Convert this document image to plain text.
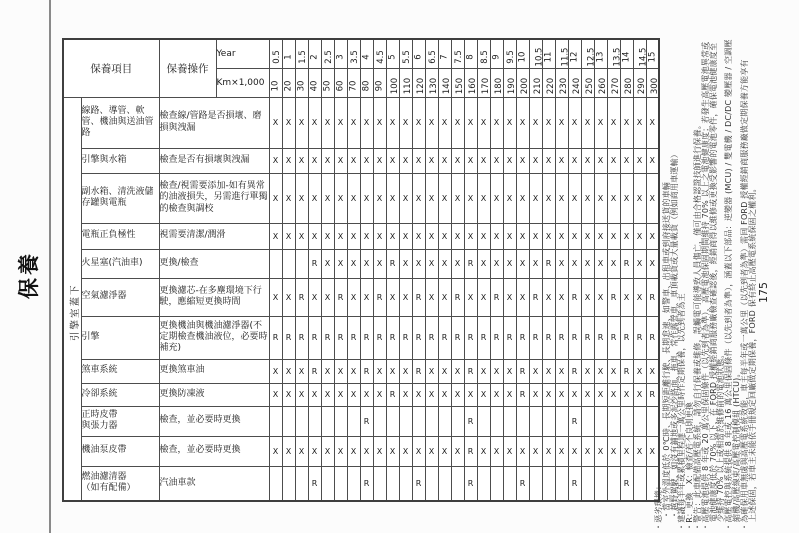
保養	175
保養項目		保養操作	Year	0.5	1	1.5	2	2.5	3	3.5	4	4.5	5	5.5	6	6.5	7	7.5	8	8.5	9	9.5	10	10.5	11	11.5	12	12.5	13	13.5	14	14.5	15
			Km×1,000	10	20	30	40	50	60	70	80	90	100	110	120	130	140	150	160	170	180	190	200	210	220	230	240	250	260	270	280	290	300

引擎室蓋下	線路、導管、軟管、機油與送油管路	檢查線/管路是否損壞、磨損與洩漏		X	X	X	X	X	X	X	X	X	X	X	X	X	X	X	X	X	X	X	X	X	X	X	X	X	X	X	X	X	X
	引擎與水箱	檢查是否有損壞與洩漏		X	X	X	X	X	X	X	X	X	X	X	X	X	X	X	X	X	X	X	X	X	X	X	X	X	X	X	X	X	X
	副水箱、清洗液儲存罐與電瓶	檢查/視需要添加-如有異常的油液損失，另需進行單獨的檢查與調校		X	X	X	X	X	X	X	X	X	X	X	X	X	X	X	X	X	X	X	X	X	X	X	X	X	X	X	X	X	X
	電瓶正負極性	視需要清潔/潤滑		X	X	X	X	X	X	X	X	X	X	X	X	X	X	X	X	X	X	X	X	X	X	X	X	X	X	X	X	X	X
	火星塞(汽油車)	更換/檢查					R	X	X	X	X	X	R	X	X	X	X	X	R	X	X	X	X	X	R	X	X	X	X	X	R	X	X
	空氣濾淨器	更換濾芯-在多塵環境下行駛，應縮短更換時間		X	X	R	X	X	R	X	X	R	X	X	R	X	X	R	X	X	R	X	X	R	X	X	R	X	X	R	X	X	R
	引擎	更換機油與機油濾淨器(不定期檢查機油液位，必要時補充)		R	R	R	R	R	R	R	R	R	R	R	R	R	R	R	R	R	R	R	R	R	R	R	R	R	R	R	R	R	R
	煞車系統	更換煞車油		X	X	X	R	X	X	X	R	X	X	X	R	X	X	X	R	X	X	X	R	X	X	X	R	X	X	X	R	X	X
	冷卻系統	更換防凍液		X	X	X	X	X	X	X	X	X	R	X	X	X	X	X	X	X	X	X	R	X	X	X	X	X	X	X	X	X	R
	正時皮帶
與張力器	檢查，並必要時更換									R								R								R						
	機油泵皮帶	檢查，並必要時更換		X	X	X	X	X	X	X	X	X	X	X	X	X	X	X	R	X	X	X	X	X	X	X	X	X	X	X	X	X	X
	燃油濾清器
（如有配備）	汽油車款					R				R				R				R				R				R				R			・惡劣環境：
・當室外溫度低於 0℃時、長期短距離行駛、長期怠速、如警車、出租車或到府接送貨的車輛
・越野駕駛、如沒有鋪地或多泥沙路面、拖車、常作露營車、車頂載貨或大量載貨（例如商用車運輸）
・建議每半年或累積里程達一萬公里時作定期保養，以先到者為主
・R：更換　X：檢查/若不良則更換
・警告：此車配備高壓電系統，請勿自行保養或維修，誤觸電可能導致人員傷亡，僅可由合格認證技師進行保養。
・高壓電池提供 8 年或 20 萬公里保固條件（以先到者為準），高壓電池保固期間維持 70% 以上之電池健康度；若發生高壓電池異常或
電池健康度低於 70% 以下，在 FORD 授權經銷商服務廠檢查確認後，經銷商得以維修或更換受影響的電池零件，確保電池健康度至
少維持 70% 以上或相當於維修前的電池狀態。
・高壓電控與系統提供 8 年或 16 萬公里保固條件（以先到者為準），涵蓋以下部品：逆變器 (MCU) / 雙電機 / DC/DC 變壓器 / 空調壓
縮機/高壓線束/高壓電控制模組 (HTCU)。
・為確保用車無虞與高壓電系統效能，車主每半年或一萬公里（以先到者為準）需回 FORD 授權經銷商服務廠做定期保養方能享有
上述保固，若車主未能依手冊規定回廠做定期保養，FORD 保有終止高壓電系統保固之權利。
